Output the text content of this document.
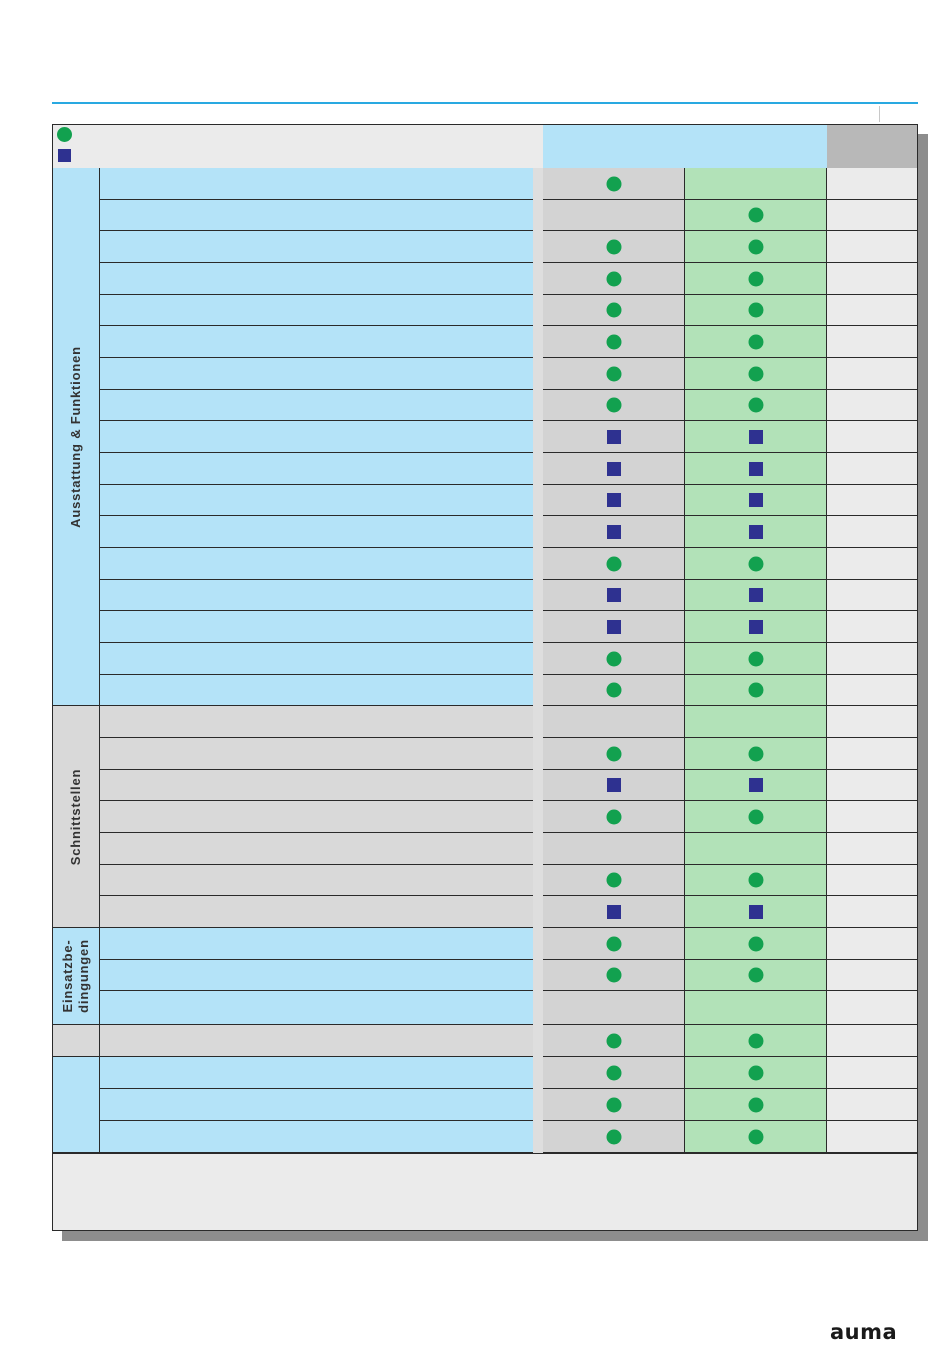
Ausstattung & Funktionen
Schnittstellen
Einsatzbe-
dingungen
auma
